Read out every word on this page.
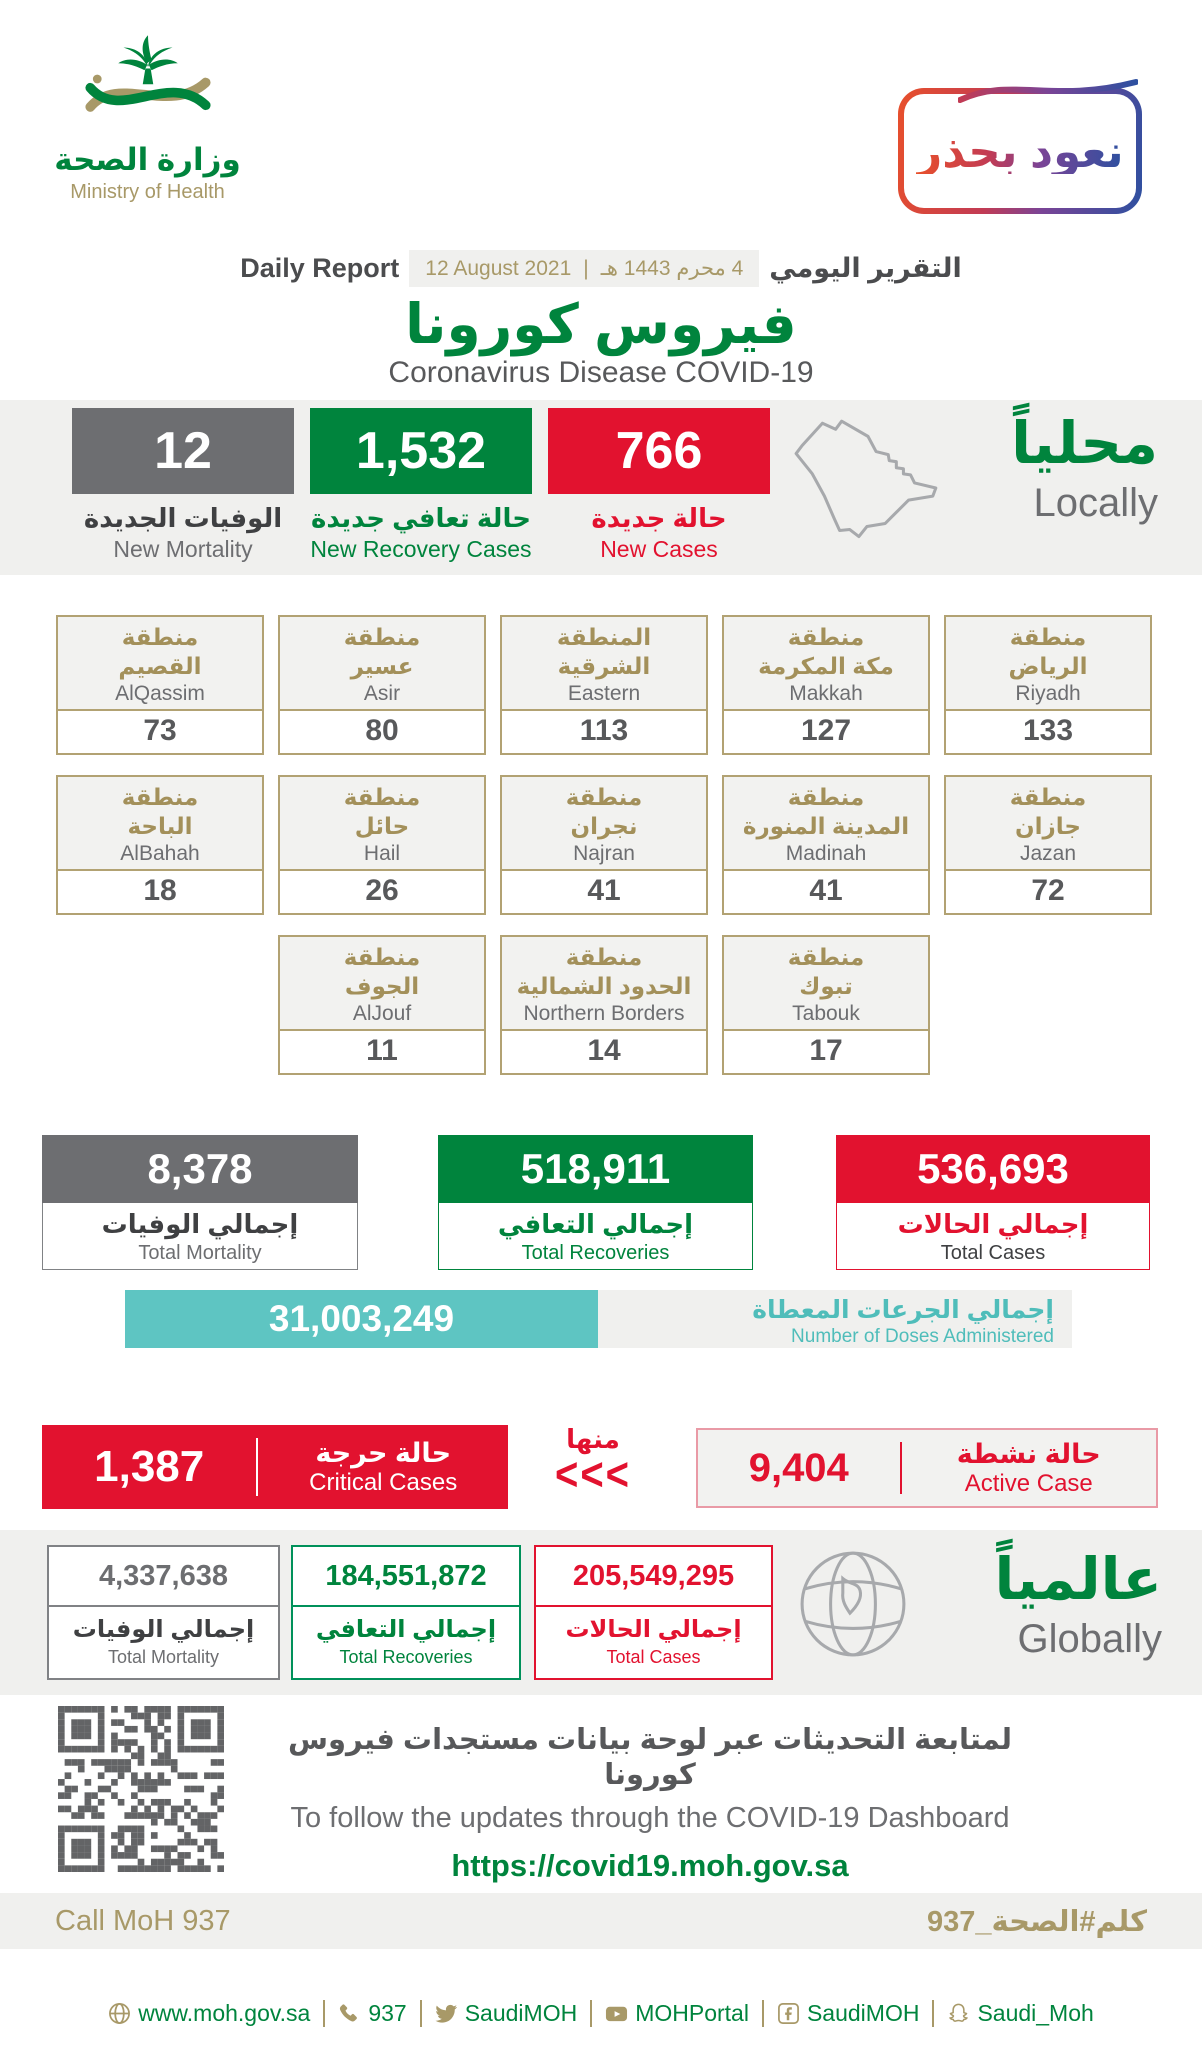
وزارة الصحة
Ministry of Health
نعود بحذر
Daily Report 12 August 2021 | 4 محرم 1443 هـ التقرير اليومي
فيروس كورونا
Coronavirus Disease COVID-19
12
الوفيات الجديدة
New Mortality
1,532
حالة تعافي جديدة
New Recovery Cases
766
حالة جديدة
New Cases
محلياً
Locally
منطقة
القصيم
AlQassim
73
منطقة
عسير
Asir
80
المنطقة
الشرقية
Eastern
113
منطقة
مكة المكرمة
Makkah
127
منطقة
الرياض
Riyadh
133
منطقة
الباحة
AlBahah
18
منطقة
حائل
Hail
26
منطقة
نجران
Najran
41
منطقة
المدينة المنورة
Madinah
41
منطقة
جازان
Jazan
72
منطقة
الجوف
AlJouf
11
منطقة
الحدود الشمالية
Northern Borders
14
منطقة
تبوك
Tabouk
17
8,378
إجمالي الوفيات
Total Mortality
518,911
إجمالي التعافي
Total Recoveries
536,693
إجمالي الحالات
Total Cases
31,003,249	إجمالي الجرعات المعطاة
Number of Doses Administered
1,387	حالة حرجة
Critical Cases
منها
<<<	9,404	حالة نشطة
Active Case
4,337,638
إجمالي الوفيات
Total Mortality
184,551,872
إجمالي التعافي
Total Recoveries
205,549,295
إجمالي الحالات
Total Cases
عالمياً
Globally
لمتابعة التحديثات عبر لوحة بيانات مستجدات فيروس كورونا
To follow the updates through the COVID-19 Dashboard
https://covid19.moh.gov.sa
Call MoH 937	كلم#الصحة_937
www.moh.gov.sa	937	SaudiMOH	MOHPortal	SaudiMOH	Saudi_Moh
